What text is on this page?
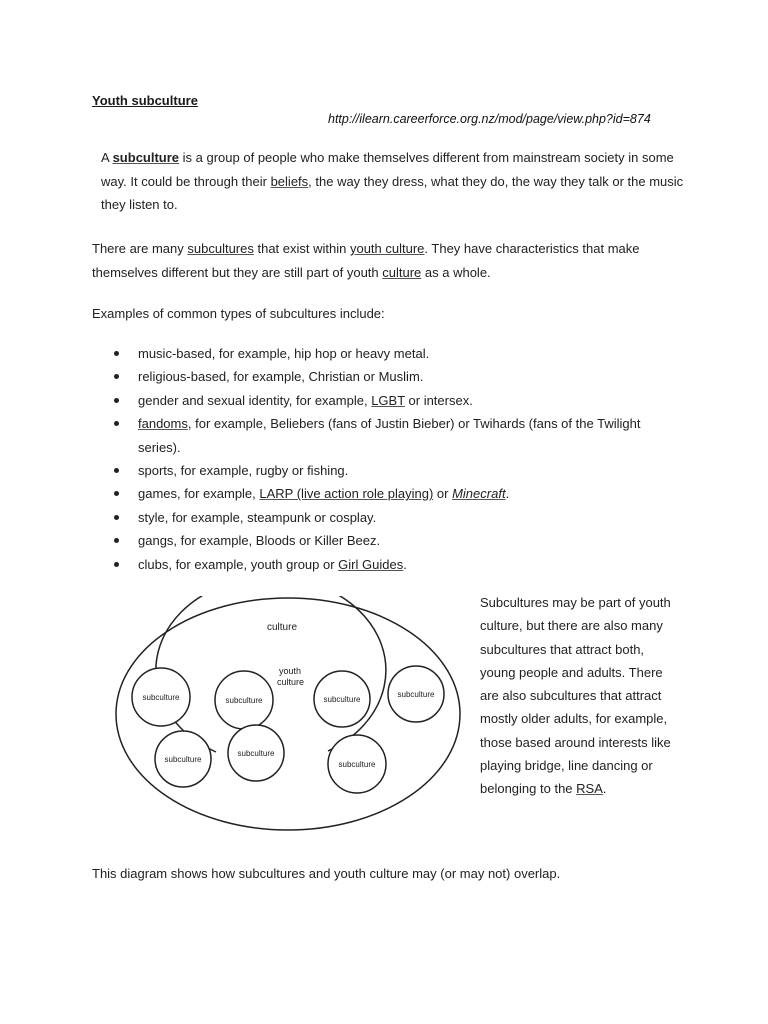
Youth subculture
http://ilearn.careerforce.org.nz/mod/page/view.php?id=874

A subculture is a group of people who make themselves different from mainstream society in some way. It could be through their beliefs, the way they dress, what they do, the way they talk or the music they listen to.

There are many subcultures that exist within youth culture. They have characteristics that make themselves different but they are still part of youth culture as a whole.

Examples of common types of subcultures include:

music-based, for example, hip hop or heavy metal.
religious-based, for example, Christian or Muslim.
gender and sexual identity, for example, LGBT or intersex.
fandoms, for example, Beliebers (fans of Justin Bieber) or Twihards (fans of the Twilight series).
sports, for example, rugby or fishing.
games, for example, LARP (live action role playing) or Minecraft.
style, for example, steampunk or cosplay.
gangs, for example, Bloods or Killer Beez.
clubs, for example, youth group or Girl Guides.
culture
youth
culture
subculture	subculture	subculture
subculture
subculture
subculture
subculture

Subcultures may be part of youth culture, but there are also many subcultures that attract both, young people and adults. There are also subcultures that attract mostly older adults, for example, those based around interests like playing bridge, line dancing or belonging to the RSA.

This diagram shows how subcultures and youth culture may (or may not) overlap.
